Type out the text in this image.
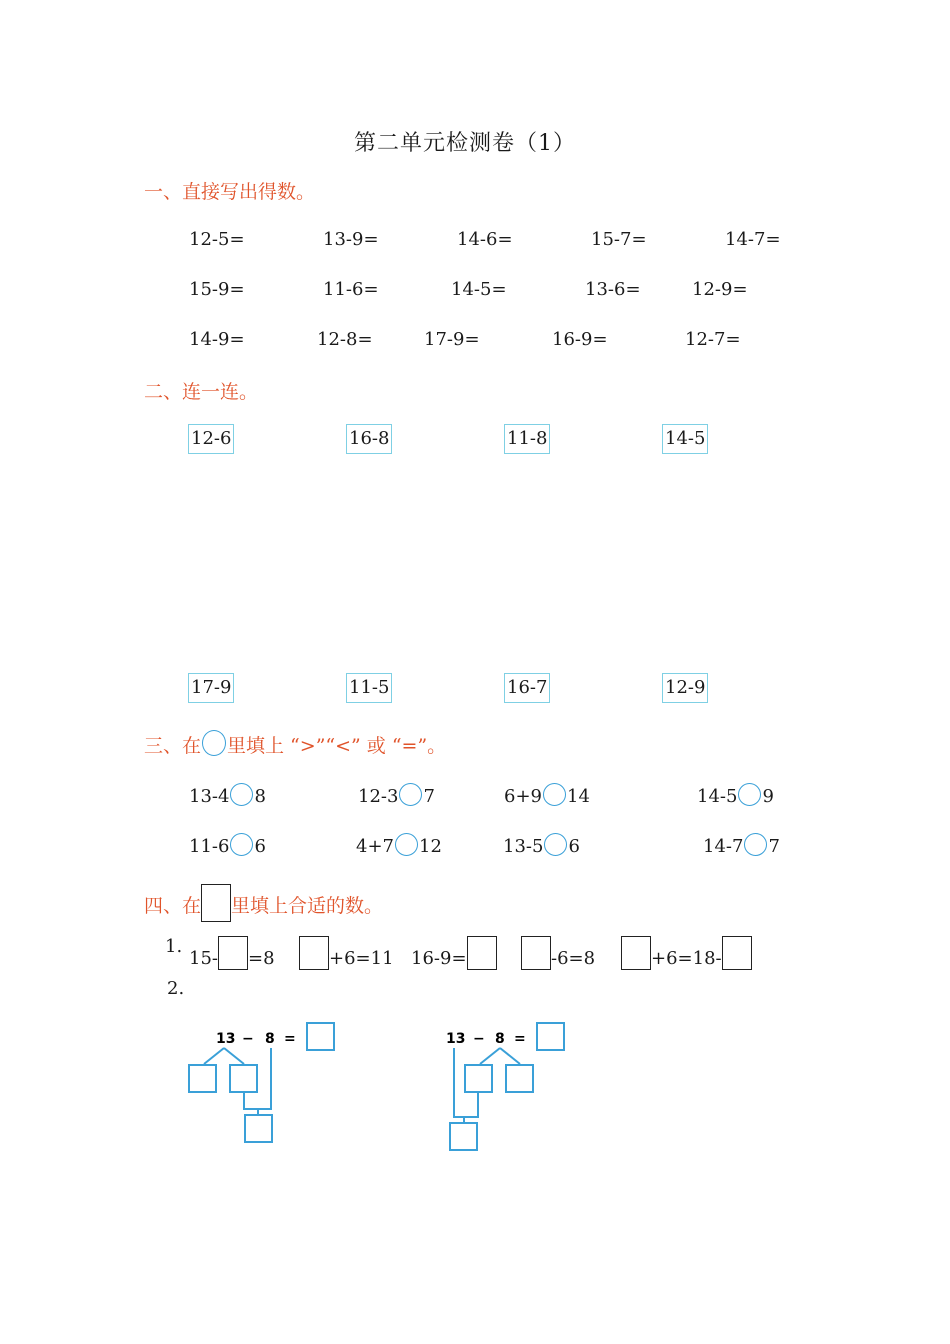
第二单元检测卷（1）
一、直接写出得数。
12-5=	13-9=	14-6=	15-7=	14-7=
15-9=	11-6=	14-5=	13-6=	12-9=
14-9=	12-8=	17-9=	16-9=	12-7=
二、连一连。
12-6	16-8	11-8	14-5
17-9	11-5	16-7	12-9
三、在 里填上 “>”“<” 或 “=”。
13-4 8	12-3 7	6+9 14	14-5 9
11-6 6	4+7 12	13-5 6	14-7 7
四、在 里填上合适的数。
1.
15- =8	+6=11 16-9=	-6=8	+6=18-
2.
13 − 8 =	13 − 8 =
